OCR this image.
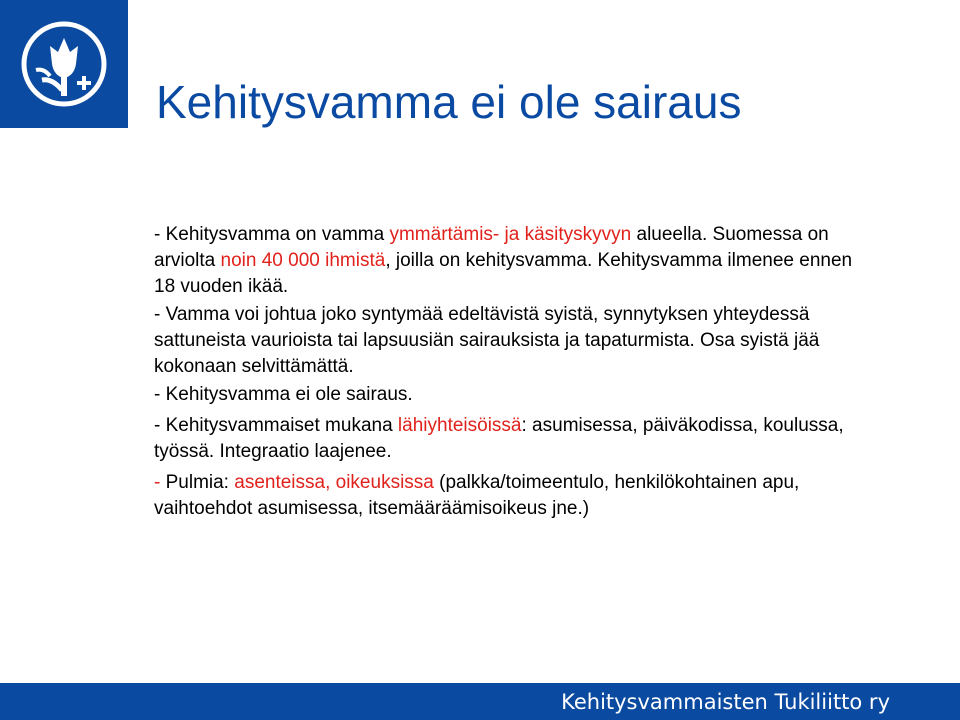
Kehitysvamma ei ole sairaus

- Kehitysvamma on vamma ymmärtämis- ja käsityskyvyn alueella. Suomessa on arviolta noin 40 000 ihmistä, joilla on kehitysvamma. Kehitysvamma ilmenee ennen 18 vuoden ikää.

- Vamma voi johtua joko syntymää edeltävistä syistä, synnytyksen yhteydessä sattuneista vaurioista tai lapsuusiän sairauksista ja tapaturmista. Osa syistä jää kokonaan selvittämättä.

- Kehitysvamma ei ole sairaus.

- Kehitysvammaiset mukana lähiyhteisöissä: asumisessa, päiväkodissa, koulussa, työssä. Integraatio laajenee.

- Pulmia: asenteissa, oikeuksissa (palkka/toimeentulo, henkilökohtainen apu, vaihtoehdot asumisessa, itsemääräämisoikeus jne.)

Kehitysvammaisten Tukiliitto ry
